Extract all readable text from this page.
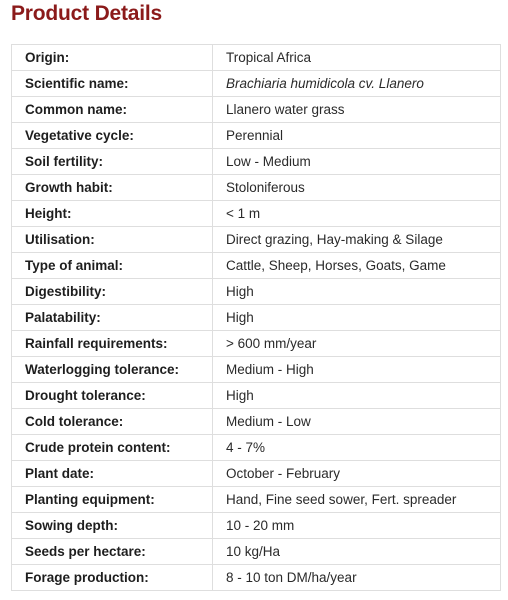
Product Details
Origin:	Tropical Africa
Scientific name:	Brachiaria humidicola cv. Llanero
Common name:	Llanero water grass
Vegetative cycle:	Perennial
Soil fertility:	Low - Medium
Growth habit:	Stoloniferous
Height:	< 1 m
Utilisation:	Direct grazing, Hay-making & Silage
Type of animal:	Cattle, Sheep, Horses, Goats, Game
Digestibility:	High
Palatability:	High
Rainfall requirements:	> 600 mm/year
Waterlogging tolerance:	Medium - High
Drought tolerance:	High
Cold tolerance:	Medium - Low
Crude protein content:	4 - 7%
Plant date:	October - February
Planting equipment:	Hand, Fine seed sower, Fert. spreader
Sowing depth:	10 - 20 mm
Seeds per hectare:	10 kg/Ha
Forage production:	8 - 10 ton DM/ha/year
